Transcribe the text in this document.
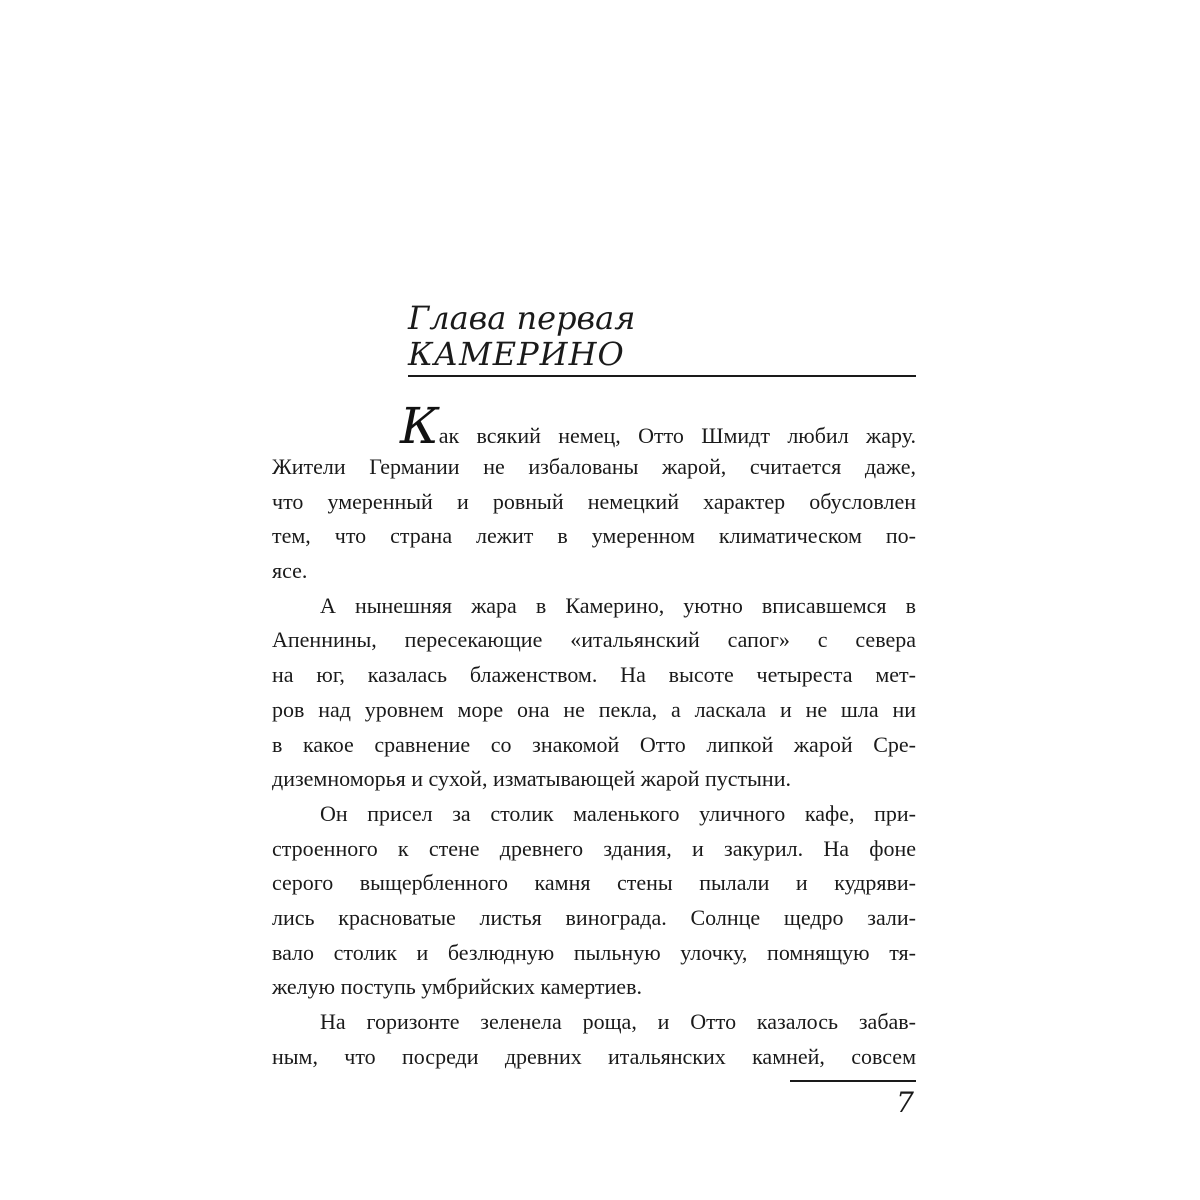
Глава первая
КАМЕРИНО
Как всякий немец, Отто Шмидт любил жару.
Жители Германии не избалованы жарой, считается даже,
что умеренный и ровный немецкий характер обусловлен
тем, что страна лежит в умеренном климатическом по-
ясе.
А нынешняя жара в Камерино, уютно вписавшемся в
Апеннины, пересекающие «итальянский сапог» с севера
на юг, казалась блаженством. На высоте четыреста мет-
ров над уровнем море она не пекла, а ласкала и не шла ни
в какое сравнение со знакомой Отто липкой жарой Сре-
диземноморья и сухой, изматывающей жарой пустыни.
Он присел за столик маленького уличного кафе, при-
строенного к стене древнего здания, и закурил. На фоне
серого выщербленного камня стены пылали и кудряви-
лись красноватые листья винограда. Солнце щедро зали-
вало столик и безлюдную пыльную улочку, помнящую тя-
желую поступь умбрийских камертиев.
На горизонте зеленела роща, и Отто казалось забав-
ным, что посреди древних итальянских камней, совсем
7
